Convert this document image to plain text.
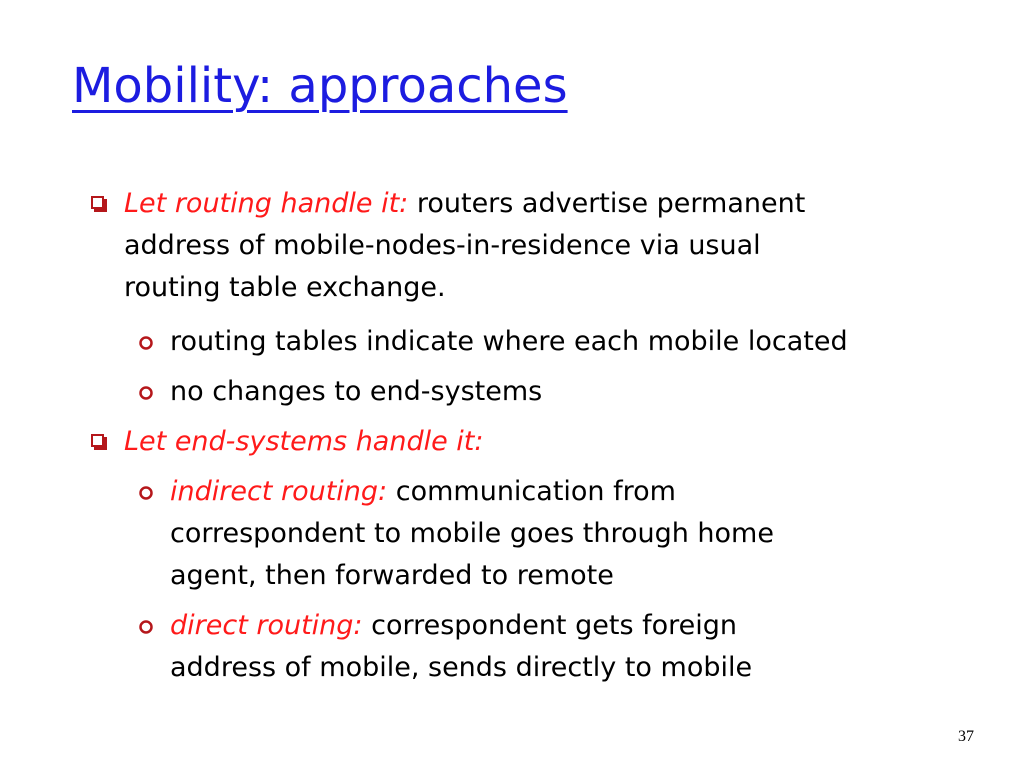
Mobility: approaches
Let routing handle it: routers advertise permanent
address of mobile-nodes-in-residence via usual
routing table exchange.
routing tables indicate where each mobile located
no changes to end-systems
Let end-systems handle it:
indirect routing: communication from
correspondent to mobile goes through home
agent, then forwarded to remote
direct routing: correspondent gets foreign
address of mobile, sends directly to mobile
37
